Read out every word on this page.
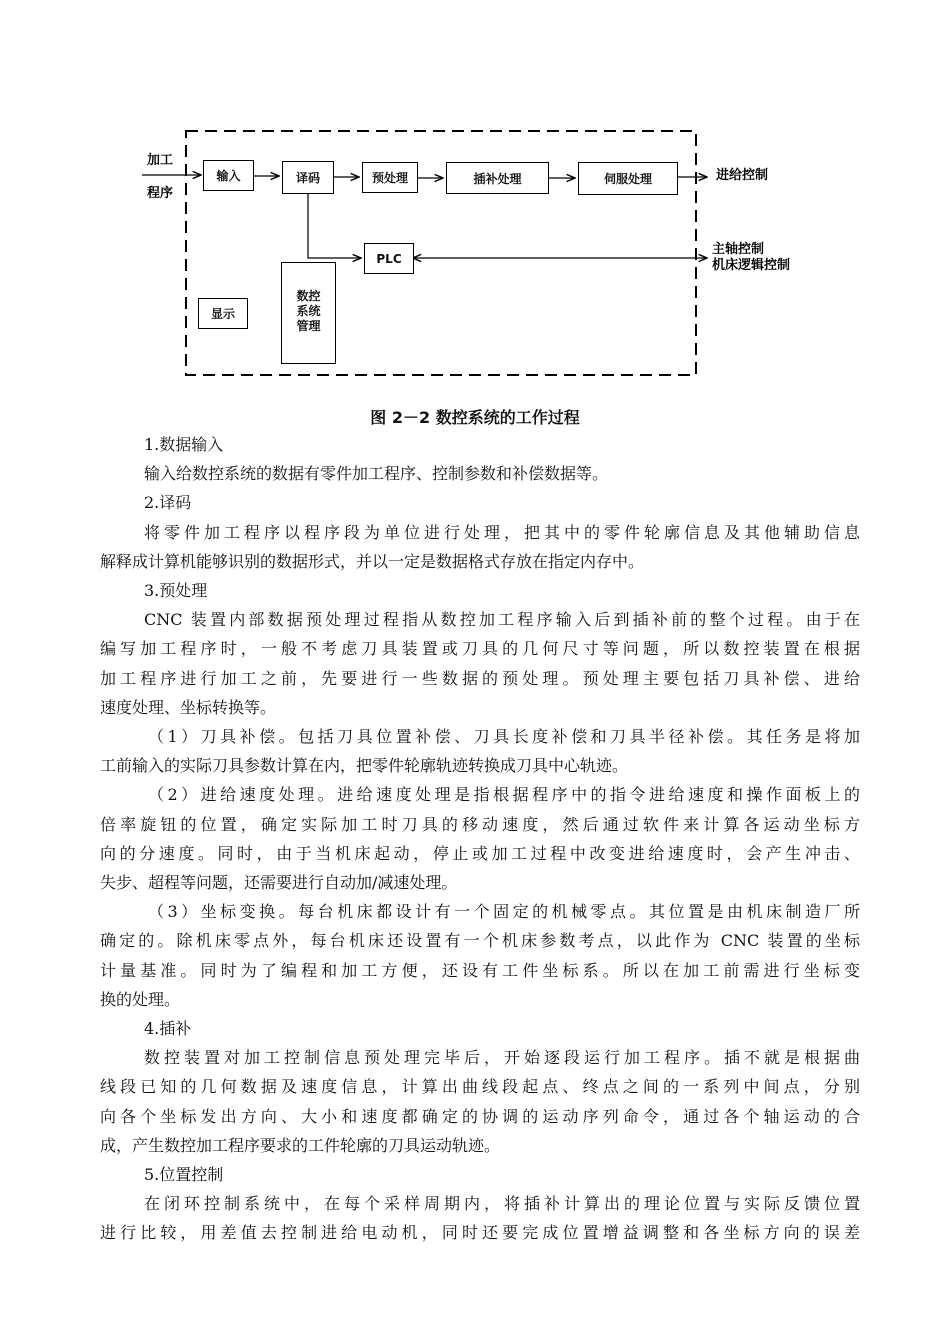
加工
程序
输入	译码	预处理	插补处理	伺服处理
PLC
显示
数控
系统
管理
进给控制
主轴控制
机床逻辑控制
图 2－2 数控系统的工作过程
1.数据输入
输入给数控系统的数据有零件加工程序、控制参数和补偿数据等。
2.译码
将零件加工程序以程序段为单位进行处理，把其中的零件轮廓信息及其他辅助信息
解释成计算机能够识别的数据形式，并以一定是数据格式存放在指定内存中。
3.预处理
CNC 装置内部数据预处理过程指从数控加工程序输入后到插补前的整个过程。由于在
编写加工程序时，一般不考虑刀具装置或刀具的几何尺寸等问题，所以数控装置在根据
加工程序进行加工之前，先要进行一些数据的预处理。预处理主要包括刀具补偿、进给
速度处理、坐标转换等。
（1）刀具补偿。包括刀具位置补偿、刀具长度补偿和刀具半径补偿。其任务是将加
工前输入的实际刀具参数计算在内，把零件轮廓轨迹转换成刀具中心轨迹。
（2）进给速度处理。进给速度处理是指根据程序中的指令进给速度和操作面板上的
倍率旋钮的位置，确定实际加工时刀具的移动速度，然后通过软件来计算各运动坐标方
向的分速度。同时，由于当机床起动，停止或加工过程中改变进给速度时，会产生冲击、
失步、超程等问题，还需要进行自动加/减速处理。
（3）坐标变换。每台机床都设计有一个固定的机械零点。其位置是由机床制造厂所
确定的。除机床零点外，每台机床还设置有一个机床参数考点，以此作为 CNC 装置的坐标
计量基准。同时为了编程和加工方便，还设有工件坐标系。所以在加工前需进行坐标变
换的处理。
4.插补
数控装置对加工控制信息预处理完毕后，开始逐段运行加工程序。插不就是根据曲
线段已知的几何数据及速度信息，计算出曲线段起点、终点之间的一系列中间点，分别
向各个坐标发出方向、大小和速度都确定的协调的运动序列命令，通过各个轴运动的合
成，产生数控加工程序要求的工件轮廓的刀具运动轨迹。
5.位置控制
在闭环控制系统中，在每个采样周期内，将插补计算出的理论位置与实际反馈位置
进行比较，用差值去控制进给电动机，同时还要完成位置增益调整和各坐标方向的误差
